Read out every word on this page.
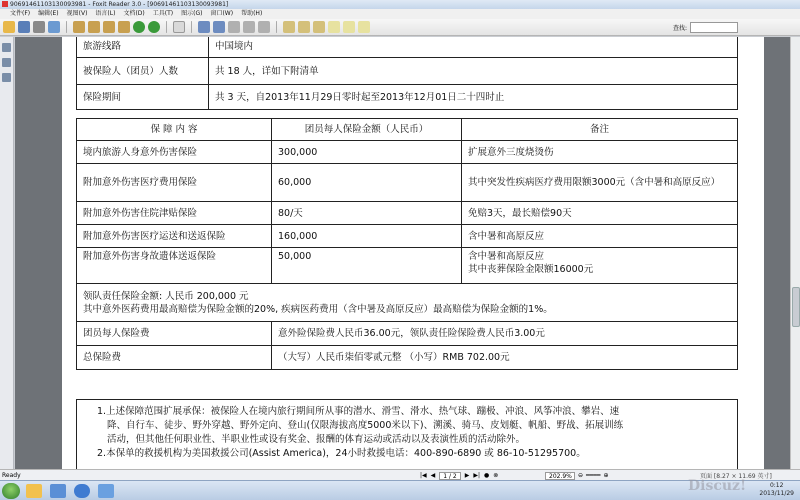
90691461103130093981 - Foxit Reader 3.0 - [90691461103130093981]
文件(F) 编辑(E) 视图(V) 语言(L) 文档(D) 工具(T) 图示(G) 窗口(W) 帮助(H)
查找:
旅游线路	中国境内
被保险人（团员）人数	共 18 人，详如下附清单
保险期间	共 3 天，自2013年11月29日零时起至2013年12月01日二十四时止
保 障 内 容	团员每人保险金额（人民币）	备注
境内旅游人身意外伤害保险	300,000	扩展意外三度烧烫伤
附加意外伤害医疗费用保险	60,000	其中突发性疾病医疗费用限额3000元（含中暑和高原反应）
附加意外伤害住院津贴保险	80/天	免赔3天，最长赔偿90天
附加意外伤害医疗运送和送返保险	160,000	含中暑和高原反应
附加意外伤害身故遗体送返保险	50,000	含中暑和高原反应
其中丧葬保险金限额16000元

领队责任保险金额: 人民币 200,000 元
其中意外医药费用最高赔偿为保险金额的20%, 疾病医药费用（含中暑及高原反应）最高赔偿为保险金额的1%。		

团员每人保险费	意外险保险费人民币36.00元，领队责任险保险费人民币3.00元	
总保险费	（大写）人民币柒佰零贰元整 （小写）RMB 702.00元	
1.上述保障范围扩展承保：被保险人在境内旅行期间所从事的潜水、滑雪、滑水、热气球、蹦极、冲浪、风筝冲浪、攀岩、速
降、自行车、徒步、野外穿越、野外定向、登山(仅限海拔高度5000米以下)、溯溪、骑马、皮划艇、帆船、野战、拓展训练
活动，但其他任何职业性、半职业性或设有奖金、报酬的体育运动或活动以及表演性质的活动除外。
2.本保单的救援机构为美国救援公司(Assist America)，24小时救援电话：400-890-6890 或 86-10-51295700。
Ready	|◀ ◀	1 / 2	▶ ▶| ● ⊗	202.9%	⊖ ━━━━ ⊕	页面 [8.27 × 11.69 英寸]
0:12
2013/11/29
Discuz!
